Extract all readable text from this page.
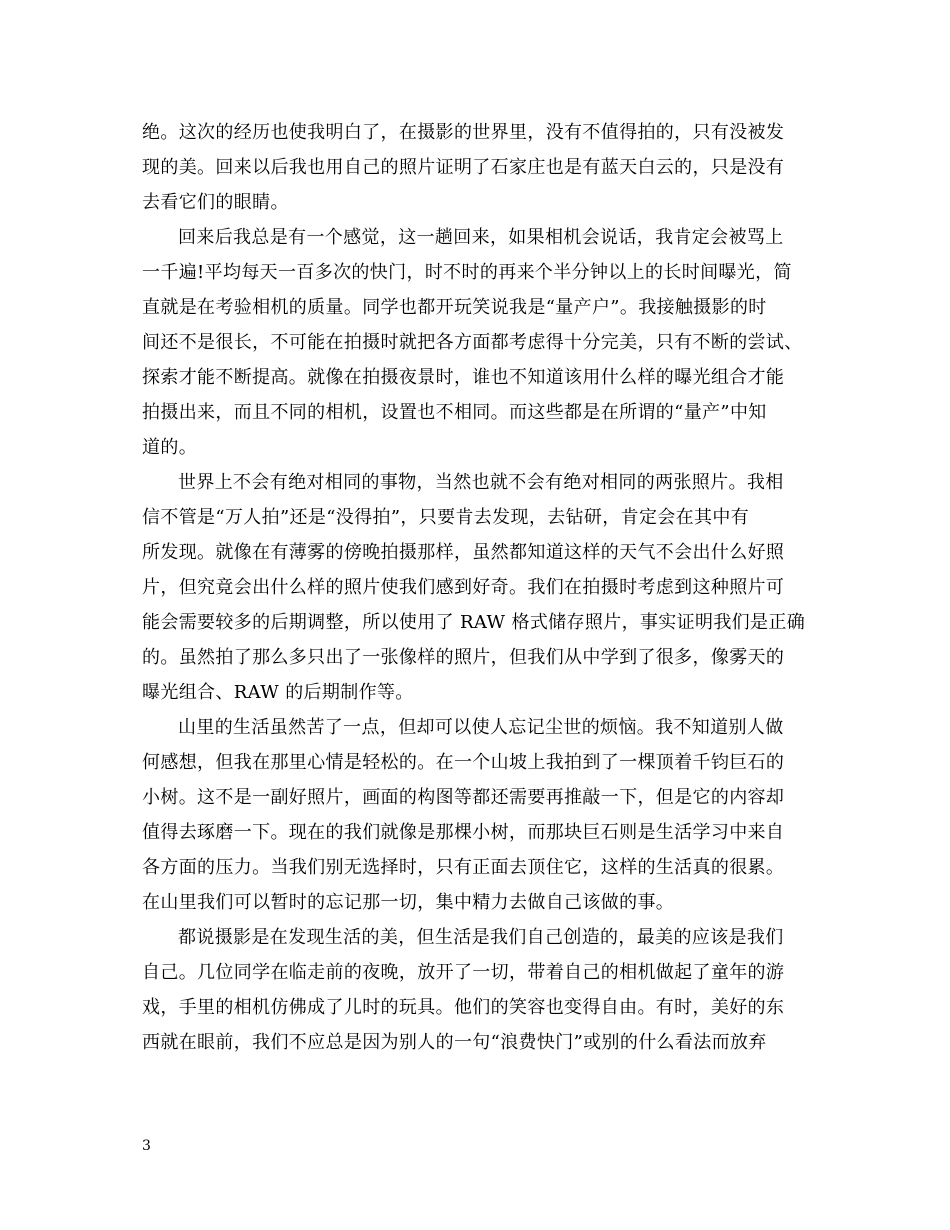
绝。这次的经历也使我明白了，在摄影的世界里，没有不值得拍的，只有没被发
现的美。回来以后我也用自己的照片证明了石家庄也是有蓝天白云的，只是没有
去看它们的眼睛。
回来后我总是有一个感觉，这一趟回来，如果相机会说话，我肯定会被骂上
一千遍!平均每天一百多次的快门，时不时的再来个半分钟以上的长时间曝光，简
直就是在考验相机的质量。同学也都开玩笑说我是“量产户”。我接触摄影的时
间还不是很长，不可能在拍摄时就把各方面都考虑得十分完美，只有不断的尝试、
探索才能不断提高。就像在拍摄夜景时，谁也不知道该用什么样的曝光组合才能
拍摄出来，而且不同的相机，设置也不相同。而这些都是在所谓的“量产”中知
道的。
世界上不会有绝对相同的事物，当然也就不会有绝对相同的两张照片。我相
信不管是“万人拍”还是“没得拍”，只要肯去发现，去钻研，肯定会在其中有
所发现。就像在有薄雾的傍晚拍摄那样，虽然都知道这样的天气不会出什么好照
片，但究竟会出什么样的照片使我们感到好奇。我们在拍摄时考虑到这种照片可
能会需要较多的后期调整，所以使用了 RAW 格式储存照片，事实证明我们是正确
的。虽然拍了那么多只出了一张像样的照片，但我们从中学到了很多，像雾天的
曝光组合、RAW 的后期制作等。
山里的生活虽然苦了一点，但却可以使人忘记尘世的烦恼。我不知道别人做
何感想，但我在那里心情是轻松的。在一个山坡上我拍到了一棵顶着千钧巨石的
小树。这不是一副好照片，画面的构图等都还需要再推敲一下，但是它的内容却
值得去琢磨一下。现在的我们就像是那棵小树，而那块巨石则是生活学习中来自
各方面的压力。当我们别无选择时，只有正面去顶住它，这样的生活真的很累。
在山里我们可以暂时的忘记那一切，集中精力去做自己该做的事。
都说摄影是在发现生活的美，但生活是我们自己创造的，最美的应该是我们
自己。几位同学在临走前的夜晚，放开了一切，带着自己的相机做起了童年的游
戏，手里的相机仿佛成了儿时的玩具。他们的笑容也变得自由。有时，美好的东
西就在眼前，我们不应总是因为别人的一句“浪费快门”或别的什么看法而放弃
3
